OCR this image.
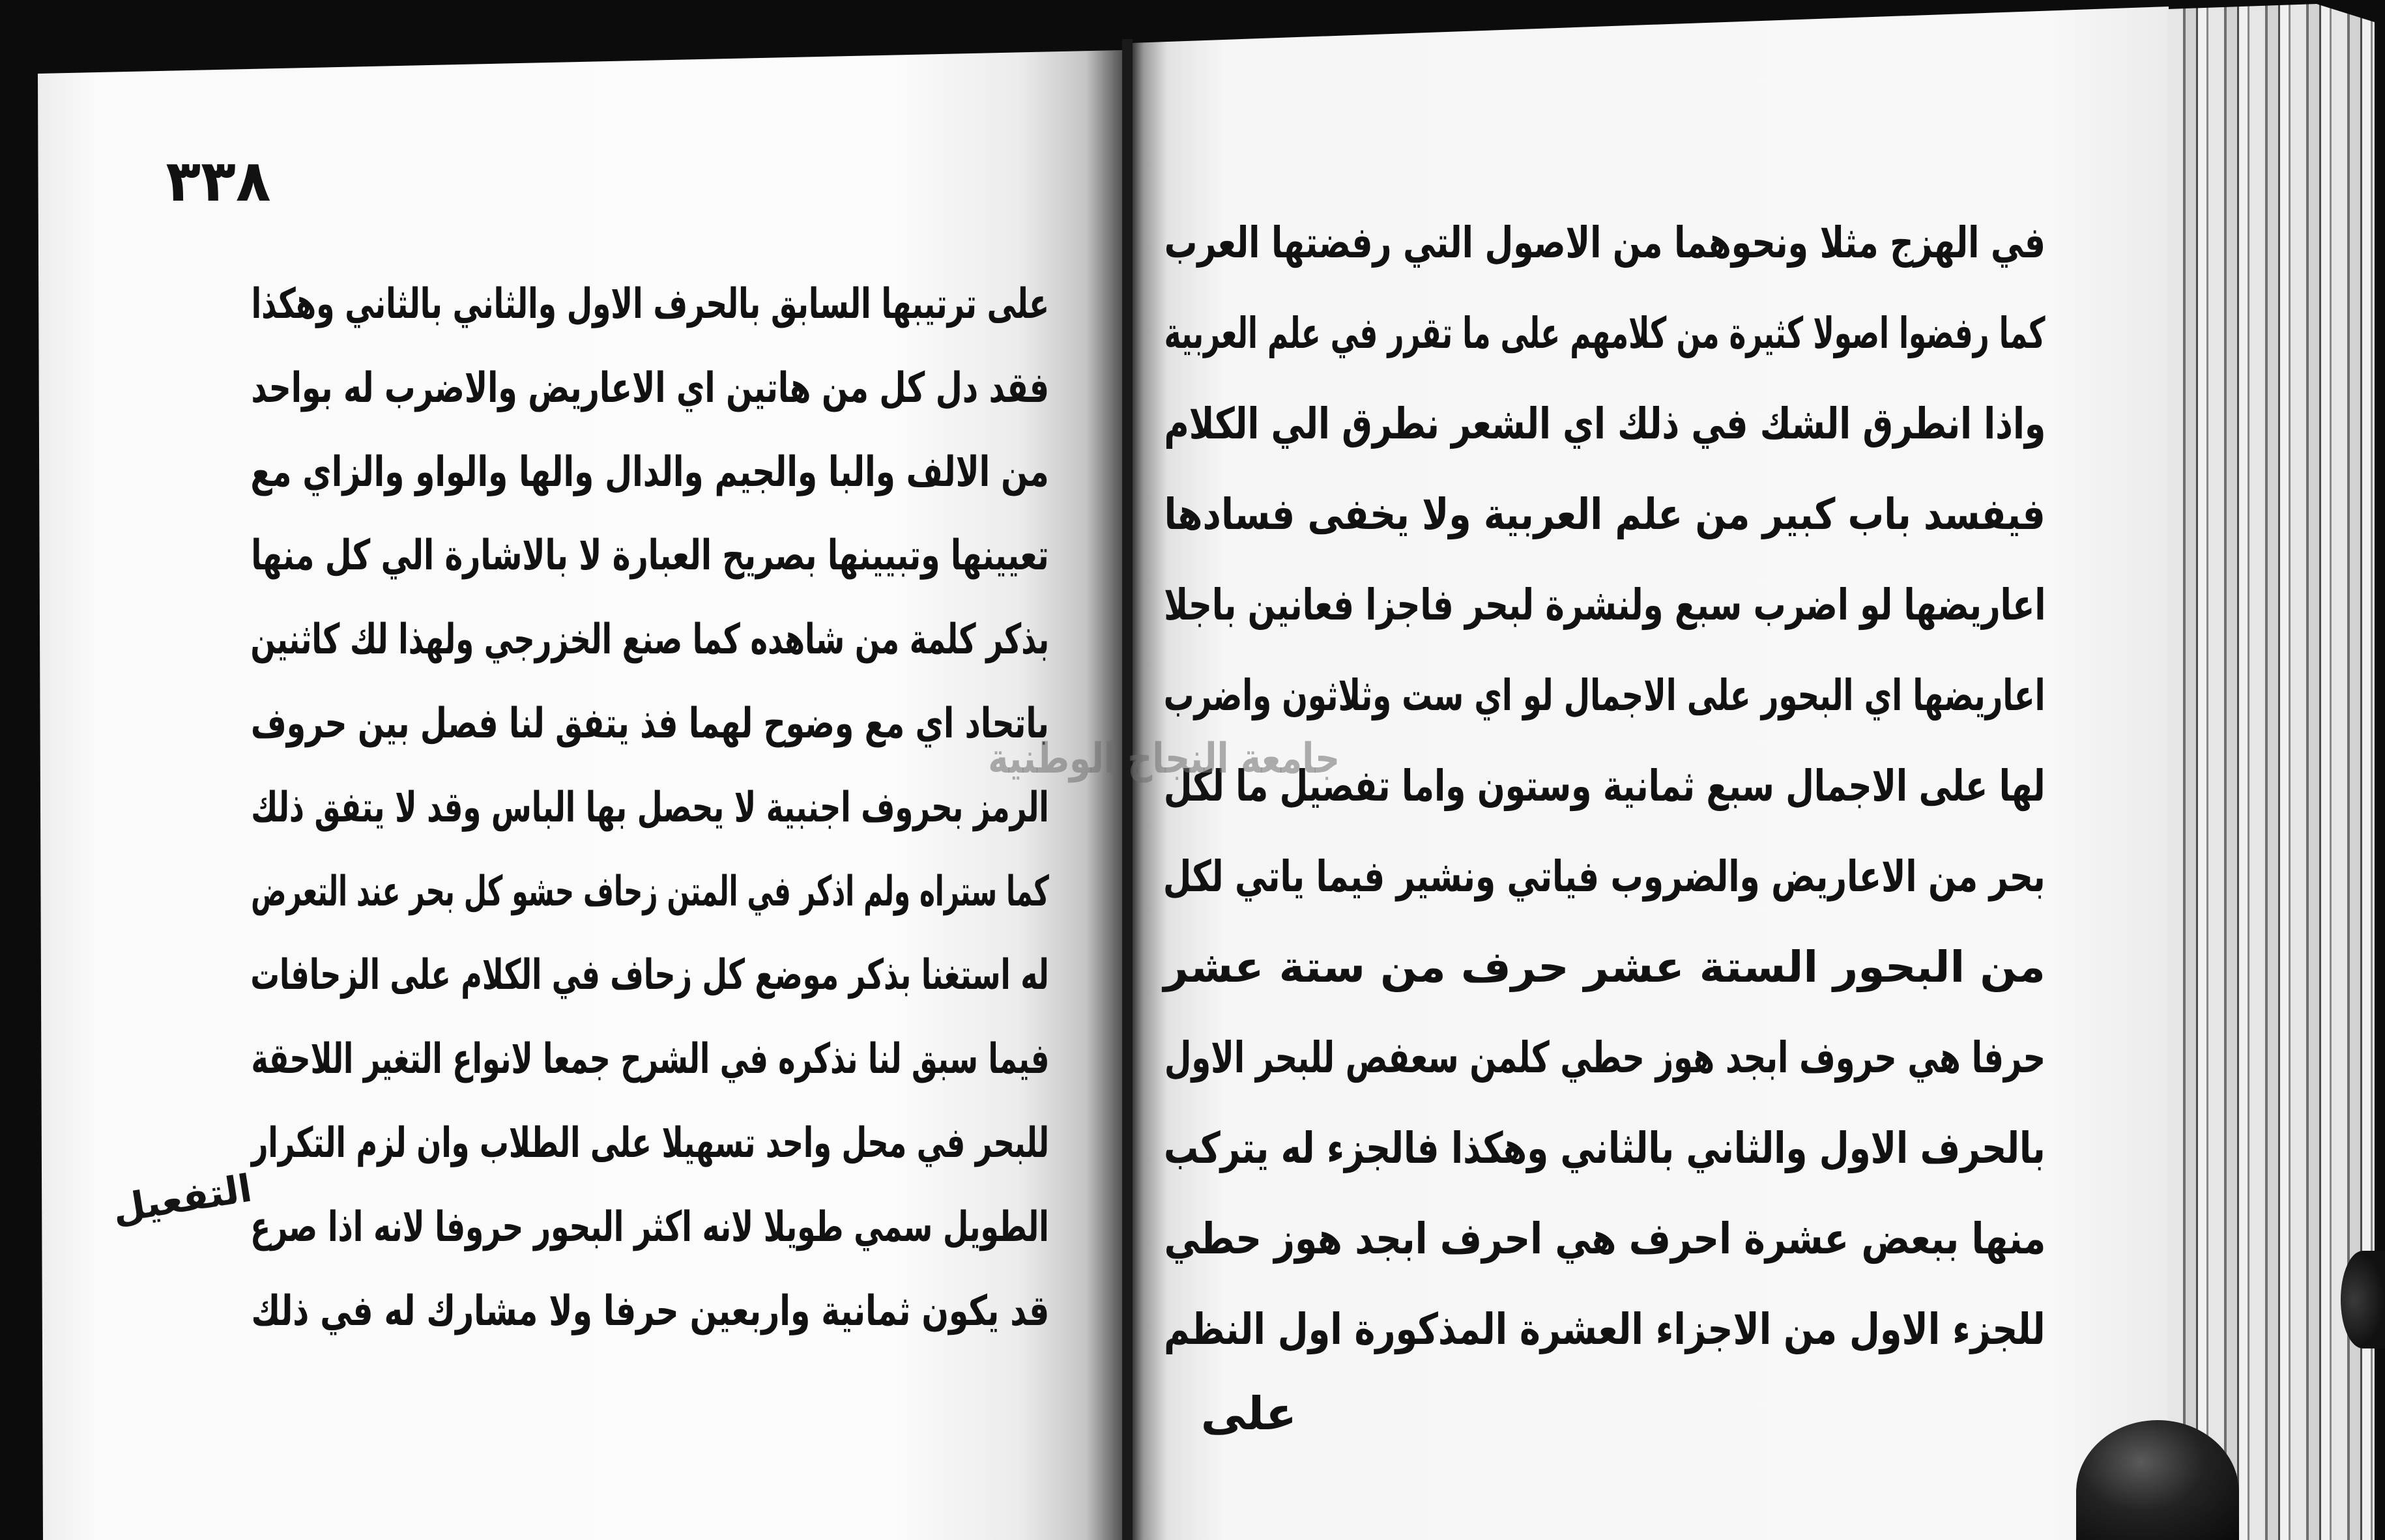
٣٣٨
على ترتيبها السابق بالحرف الاول والثاني بالثاني وهكذا
فقد دل كل من هاتين اي الاعاريض والاضرب له بواحد
من الالف والبا والجيم والدال والها والواو والزاي مع
تعيينها وتبيينها بصريح العبارة لا بالاشارة الي كل منها
بذكر كلمة من شاهده كما صنع الخزرجي ولهذا لك كاثنين
باتحاد اي مع وضوح لهما فذ يتفق لنا فصل بين حروف
الرمز بحروف اجنبية لا يحصل بها الباس وقد لا يتفق ذلك
كما ستراه ولم اذكر في المتن زحاف حشو كل بحر عند التعرض
له استغنا بذكر موضع كل زحاف في الكلام على الزحافات
فيما سبق لنا نذكره في الشرح جمعا لانواع التغير اللاحقة
للبحر في محل واحد تسهيلا على الطلاب وان لزم التكرار
الطويل سمي طويلا لانه اكثر البحور حروفا لانه اذا صرع
قد يكون ثمانية واربعين حرفا ولا مشارك له في ذلك
التفعيل
في الهزج مثلا ونحوهما من الاصول التي رفضتها العرب
كما رفضوا اصولا كثيرة من كلامهم على ما تقرر في علم العربية
واذا انطرق الشك في ذلك اي الشعر نطرق الي الكلام
فيفسد باب كبير من علم العربية ولا يخفى فسادها
اعاريضها لو اضرب سبع ولنشرة لبحر فاجزا فعانين باجلا
اعاريضها اي البحور على الاجمال لو اي ست وثلاثون واضرب
لها على الاجمال سبع ثمانية وستون واما تفصيل ما لكل
بحر من الاعاريض والضروب فياتي ونشير فيما ياتي لكل
من البحور الستة عشر حرف من ستة عشر
حرفا هي حروف ابجد هوز حطي كلمن سعفص للبحر الاول
بالحرف الاول والثاني بالثاني وهكذا فالجزء له يتركب
منها ببعض عشرة احرف هي احرف ابجد هوز حطي
للجزء الاول من الاجزاء العشرة المذكورة اول النظم
على
جامعة النجاح الوطنية
